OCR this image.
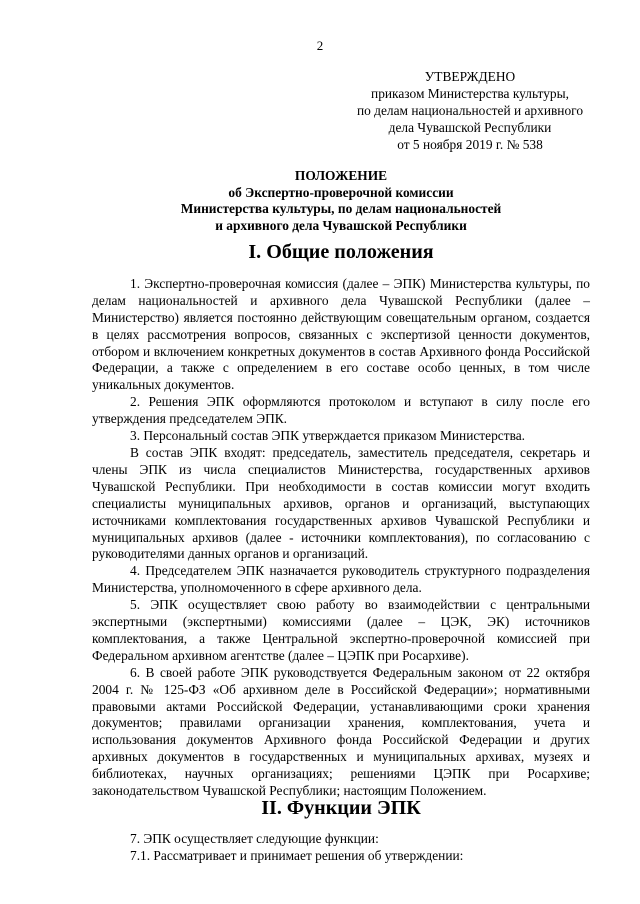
2
УТВЕРЖДЕНО
приказом Министерства культуры,
по делам национальностей и архивного
дела Чувашской Республики
от 5 ноября 2019 г. № 538
ПОЛОЖЕНИЕ
об Экспертно-проверочной комиссии
Министерства культуры, по делам национальностей
и архивного дела Чувашской Республики
I. Общие положения

1. Экспертно-проверочная комиссия (далее – ЭПК) Министерства культуры, по делам национальностей и архивного дела Чувашской Республики (далее – Министерство) является постоянно действующим совещательным органом, создается в целях рассмотрения вопросов, связанных с экспертизой ценности документов, отбором и включением конкретных документов в состав Архивного фонда Российской Федерации, а также с определением в его составе особо ценных, в том числе уникальных документов.

2. Решения ЭПК оформляются протоколом и вступают в силу после его утверждения председателем ЭПК.

3. Персональный состав ЭПК утверждается приказом Министерства.

В состав ЭПК входят: председатель, заместитель председателя, секретарь и члены ЭПК из числа специалистов Министерства, государственных архивов Чувашской Республики. При необходимости в состав комиссии могут входить специалисты муниципальных архивов, органов и организаций, выступающих источниками комплектования государственных архивов Чувашской Республики и муниципальных архивов (далее - источники комплектования), по согласованию с руководителями данных органов и организаций.

4. Председателем ЭПК назначается руководитель структурного подразделения Министерства, уполномоченного в сфере архивного дела.

5. ЭПК осуществляет свою работу во взаимодействии с центральными экспертными (экспертными) комиссиями (далее – ЦЭК, ЭК) источников комплектования, а также Центральной экспертно-проверочной комиссией при Федеральном архивном агентстве (далее – ЦЭПК при Росархиве).

6. В своей работе ЭПК руководствуется Федеральным законом от 22 октября 2004 г. № 125-ФЗ «Об архивном деле в Российской Федерации»; нормативными правовыми актами Российской Федерации, устанавливающими сроки хранения документов; правилами организации хранения, комплектования, учета и использования документов Архивного фонда Российской Федерации и других архивных документов в государственных и муниципальных архивах, музеях и библиотеках, научных организациях; решениями ЦЭПК при Росархиве; законодательством Чувашской Республики; настоящим Положением.

II. Функции ЭПК

7. ЭПК осуществляет следующие функции:

7.1. Рассматривает и принимает решения об утверждении:
